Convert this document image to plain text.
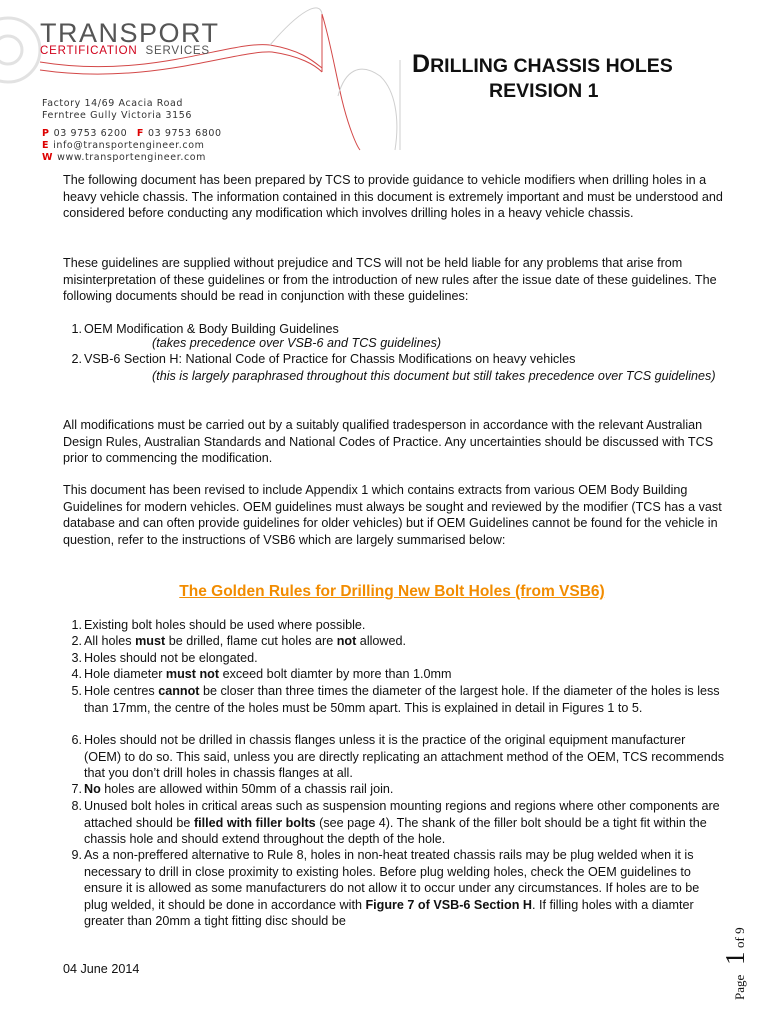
TRANSPORT
CERTIFICATION SERVICES
Factory 14/69 Acacia Road
Ferntree Gully Victoria 3156
P 03 9753 6200 F 03 9753 6800
E info@transportengineer.com
W www.transportengineer.com
DRILLING CHASSIS HOLES
REVISION 1

The following document has been prepared by TCS to provide guidance to vehicle modifiers when drilling holes in a heavy vehicle chassis. The information contained in this document is extremely important and must be understood and considered before conducting any modification which involves drilling holes in a heavy vehicle chassis.

These guidelines are supplied without prejudice and TCS will not be held liable for any problems that arise from misinterpretation of these guidelines or from the introduction of new rules after the issue date of these guidelines. The following documents should be read in conjunction with these guidelines:

1. OEM Modification & Body Building Guidelines
(takes precedence over VSB-6 and TCS guidelines)
2. VSB-6 Section H: National Code of Practice for Chassis Modifications on heavy vehicles
(this is largely paraphrased throughout this document but still takes precedence over TCS guidelines)

All modifications must be carried out by a suitably qualified tradesperson in accordance with the relevant Australian Design Rules, Australian Standards and National Codes of Practice. Any uncertainties should be discussed with TCS prior to commencing the modification.

This document has been revised to include Appendix 1 which contains extracts from various OEM Body Building Guidelines for modern vehicles. OEM guidelines must always be sought and reviewed by the modifier (TCS has a vast database and can often provide guidelines for older vehicles) but if OEM Guidelines cannot be found for the vehicle in question, refer to the instructions of VSB6 which are largely summarised below:

The Golden Rules for Drilling New Bolt Holes (from VSB6)
1. Existing bolt holes should be used where possible.
2. All holes must be drilled, flame cut holes are not allowed.
3. Holes should not be elongated.
4. Hole diameter must not exceed bolt diamter by more than 1.0mm
5. Hole centres cannot be closer than three times the diameter of the largest hole. If the diameter of the holes is less than 17mm, the centre of the holes must be 50mm apart. This is explained in detail in Figures 1 to 5.
6. Holes should not be drilled in chassis flanges unless it is the practice of the original equipment manufacturer (OEM) to do so. This said, unless you are directly replicating an attachment method of the OEM, TCS recommends that you don’t drill holes in chassis flanges at all.
7. No holes are allowed within 50mm of a chassis rail join.
8. Unused bolt holes in critical areas such as suspension mounting regions and regions where other components are attached should be filled with filler bolts (see page 4). The shank of the filler bolt should be a tight fit within the chassis hole and should extend throughout the depth of the hole.
9. As a non-preffered alternative to Rule 8, holes in non-heat treated chassis rails may be plug welded when it is necessary to drill in close proximity to existing holes. Before plug welding holes, check the OEM guidelines to ensure it is allowed as some manufacturers do not allow it to occur under any circumstances. If holes are to be plug welded, it should be done in accordance with Figure 7 of VSB-6 Section H. If filling holes with a diamter greater than 20mm a tight fitting disc should be
04 June 2014
Page
1
of 9
